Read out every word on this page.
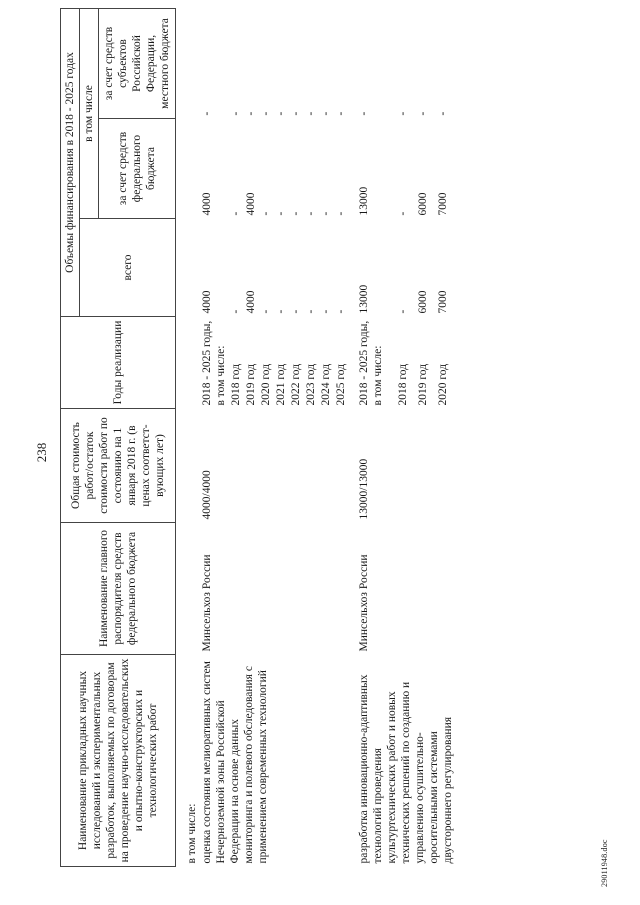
238
Наименование прикладных научных исследований и экспериментальных разработок, выполняемых по договорам на проведение научно-исследовательских и опытно-конструкторских и технологических работ	Наименование главного распорядителя средств федерального бюджета	Общая стоимость работ/остаток стоимости работ по состоянию на 1 января 2018 г. (в ценах соответст-вующих лет)	Годы реализации	Объемы финансирования в 2018 - 2025 годах		
				всего	в том числе	
					за счет средств федерального бюджета	за счет средств субъектов Российской Федерации, местного бюджета

в том числе:						
оценка состояния мелиоративных систем Нечерноземной зоны Российской Федерации на основе данных мониторинга и полевого обследования с применением современных технологий	Минсельхоз России	4000/4000	2018 - 2025 годы, в том числе:	4000	4000	-
			2018 год	-	-	-
			2019 год	4000	4000	-
			2020 год	-	-	-
			2021 год	-	-	-
			2022 год	-	-	-
			2023 год	-	-	-
			2024 год	-	-	-
			2025 год	-	-	-

разработка инновационно-адаптивных технологий проведения культуртехнических работ и новых технических решений по созданию и управлению осушительно-оросительными системами двустороннего регулирования	Минсельхоз России	13000/13000	2018 - 2025 годы, в том числе:	13000	13000	-
			2018 год	-	-	-
			2019 год	6000	6000	-
			2020 год	7000	7000	-
29011948.doc
